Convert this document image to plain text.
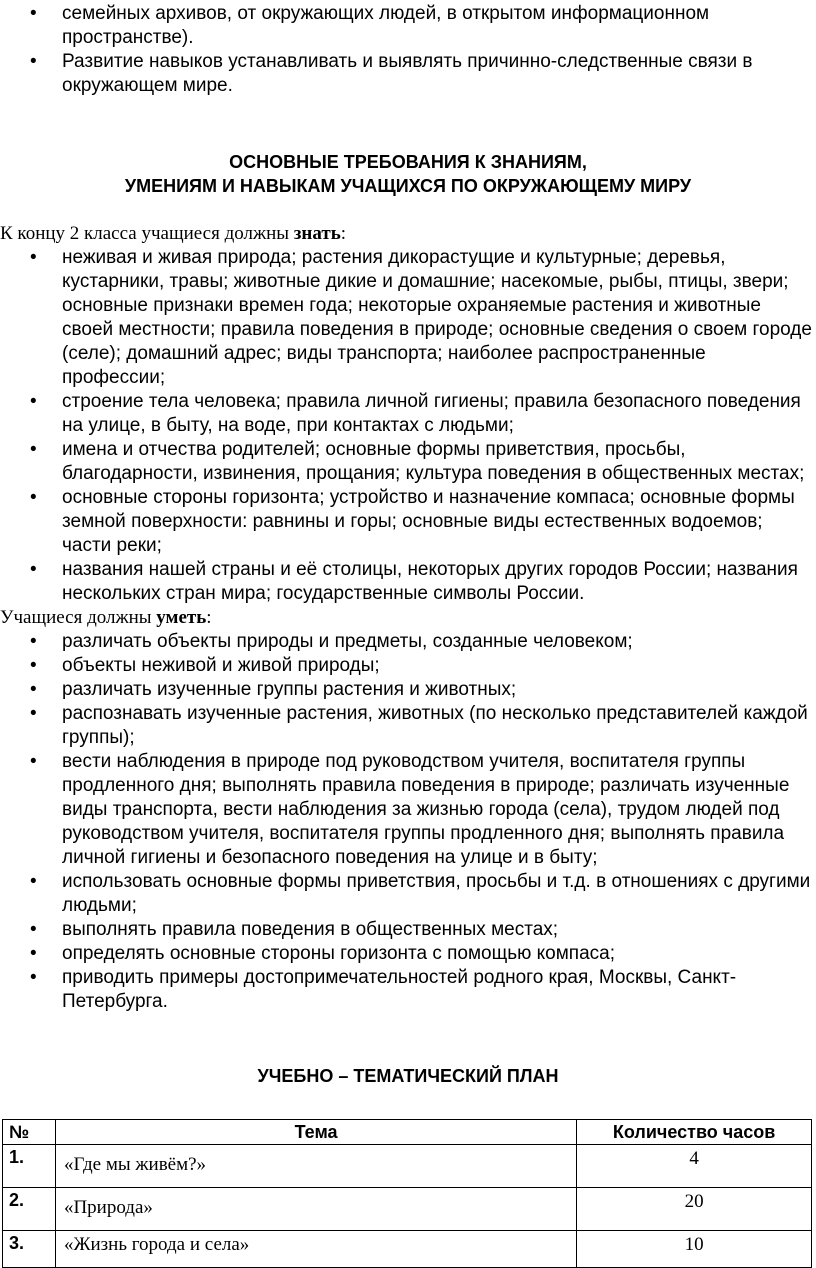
• семейных архивов, от окружающих людей, в открытом информационном пространстве).
• Развитие навыков устанавливать и выявлять причинно-следственные связи в окружающем мире.
ОСНОВНЫЕ ТРЕБОВАНИЯ К ЗНАНИЯМ,
УМЕНИЯМ И НАВЫКАМ УЧАЩИХСЯ ПО ОКРУЖАЮЩЕМУ МИРУ

К концу 2 класса учащиеся должны знать:

• неживая и живая природа; растения дикорастущие и культурные; деревья, кустарники, травы; животные дикие и домашние; насекомые, рыбы, птицы, звери; основные признаки времен года; некоторые охраняемые растения и животные своей местности; правила поведения в природе; основные сведения о своем городе (селе); домашний адрес; виды транспорта; наиболее распространенные профессии;
• строение тела человека; правила личной гигиены; правила безопасного поведения на улице, в быту, на воде, при контактах с людьми;
• имена и отчества родителей; основные формы приветствия, просьбы, благодарности, извинения, прощания; культура поведения в общественных местах;
• основные стороны горизонта; устройство и назначение компаса; основные формы земной поверхности: равнины и горы; основные виды естественных водоемов; части реки;
• названия нашей страны и её столицы, некоторых других городов России; названия нескольких стран мира; государственные символы России.

Учащиеся должны уметь:

• различать объекты природы и предметы, созданные человеком;
• объекты неживой и живой природы;
• различать изученные группы растения и животных;
• распознавать изученные растения, животных (по несколько представителей каждой группы);
• вести наблюдения в природе под руководством учителя, воспитателя группы продленного дня; выполнять правила поведения в природе; различать изученные виды транспорта, вести наблюдения за жизнью города (села), трудом людей под руководством учителя, воспитателя группы продленного дня; выполнять правила личной гигиены и безопасного поведения на улице и в быту;
• использовать основные формы приветствия, просьбы и т.д. в отношениях с другими людьми;
• выполнять правила поведения в общественных местах;
• определять основные стороны горизонта с помощью компаса;
• приводить примеры достопримечательностей родного края, Москвы, Санкт-Петербурга.
УЧЕБНО – ТЕМАТИЧЕСКИЙ ПЛАН
№	Тема	Количество часов
1.	«Где мы живём?»	4
2.	«Природа»	20
3.	«Жизнь города и села»	10
